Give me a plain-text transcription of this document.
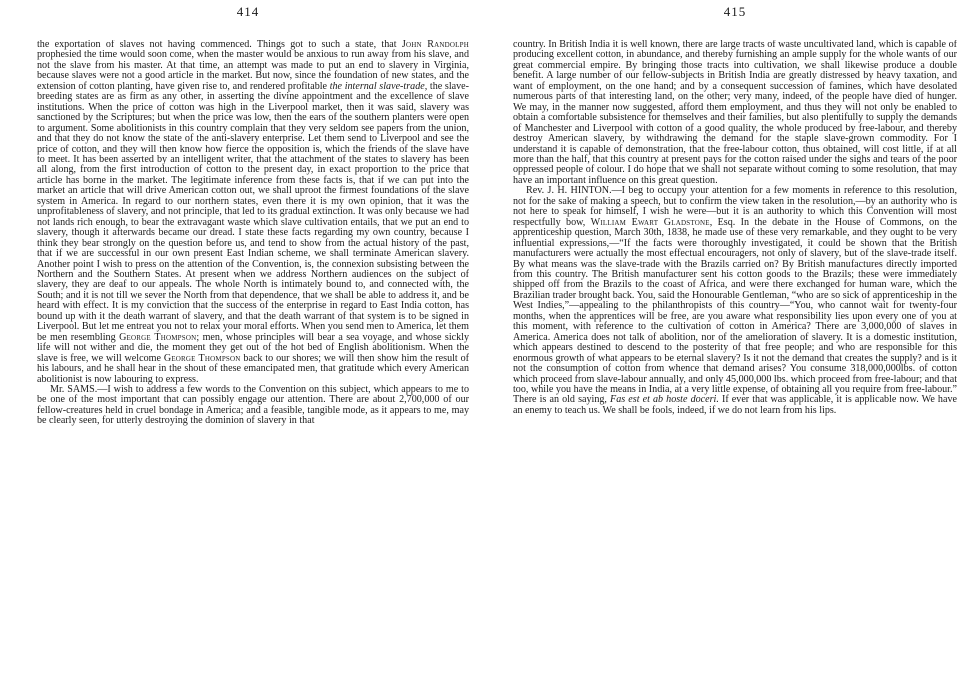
414	415

the exportation of slaves not having commenced. Things got to such a state, that John Randolph prophesied the time would soon come, when the master would be anxious to run away from his slave, and not the slave from his master. At that time, an attempt was made to put an end to slavery in Virginia, because slaves were not a good article in the market. But now, since the foundation of new states, and the extension of cotton planting, have given rise to, and rendered profitable the internal slave-trade, the slave-breeding states are as firm as any other, in asserting the divine appointment and the excellence of slave institutions. When the price of cotton was high in the Liverpool market, then it was said, slavery was sanctioned by the Scriptures; but when the price was low, then the ears of the southern planters were open to argument. Some abolitionists in this country complain that they very seldom see papers from the union, and that they do not know the state of the anti-slavery enterprise. Let them send to Liverpool and see the price of cotton, and they will then know how fierce the opposition is, which the friends of the slave have to meet. It has been asserted by an intelligent writer, that the attachment of the states to slavery has been all along, from the first introduction of cotton to the present day, in exact proportion to the price that article has borne in the market. The legitimate inference from these facts is, that if we can put into the market an article that will drive American cotton out, we shall uproot the firmest foundations of the slave system in America. In regard to our northern states, even there it is my own opinion, that it was the unprofitableness of slavery, and not principle, that led to its gradual extinction. It was only because we had not lands rich enough, to bear the extravagant waste which slave cultivation entails, that we put an end to slavery, though it afterwards became our dread. I state these facts regarding my own country, because I think they bear strongly on the question before us, and tend to show from the actual history of the past, that if we are successful in our own present East Indian scheme, we shall terminate American slavery. Another point I wish to press on the attention of the Convention, is, the connexion subsisting between the Northern and the Southern States. At present when we address Northern audiences on the subject of slavery, they are deaf to our appeals. The whole North is intimately bound to, and connected with, the South; and it is not till we sever the North from that dependence, that we shall be able to address it, and be heard with effect. It is my conviction that the success of the enterprise in regard to East India cotton, has bound up with it the death warrant of slavery, and that the death warrant of that system is to be signed in Liverpool. But let me entreat you not to relax your moral efforts. When you send men to America, let them be men resembling George Thompson; men, whose principles will bear a sea voyage, and whose sickly life will not wither and die, the moment they get out of the hot bed of English abolitionism. When the slave is free, we will welcome George Thompson back to our shores; we will then show him the result of his labours, and he shall hear in the shout of these emancipated men, that gratitude which every American abolitionist is now labouring to express.

Mr. SAMS.—I wish to address a few words to the Convention on this subject, which appears to me to be one of the most important that can possibly engage our attention. There are about 2,700,000 of our fellow-creatures held in cruel bondage in America; and a feasible, tangible mode, as it appears to me, may be clearly seen, for utterly destroying the dominion of slavery in that

country. In British India it is well known, there are large tracts of waste uncultivated land, which is capable of producing excellent cotton, in abundance, and thereby furnishing an ample supply for the whole wants of our great commercial empire. By bringing those tracts into cultivation, we shall likewise produce a double benefit. A large number of our fellow-subjects in British India are greatly distressed by heavy taxation, and want of employment, on the one hand; and by a consequent succession of famines, which have desolated numerous parts of that interesting land, on the other; very many, indeed, of the people have died of hunger. We may, in the manner now suggested, afford them employment, and thus they will not only be enabled to obtain a comfortable subsistence for themselves and their families, but also plentifully to supply the demands of Manchester and Liverpool with cotton of a good quality, the whole produced by free-labour, and thereby destroy American slavery, by withdrawing the demand for the staple slave-grown commodity. For I understand it is capable of demonstration, that the free-labour cotton, thus obtained, will cost little, if at all more than the half, that this country at present pays for the cotton raised under the sighs and tears of the poor oppressed people of colour. I do hope that we shall not separate without coming to some resolution, that may have an important influence on this great question.

Rev. J. H. HINTON.—I beg to occupy your attention for a few moments in reference to this resolution, not for the sake of making a speech, but to confirm the view taken in the resolution,—by an authority who is not here to speak for himself, I wish he were—but it is an authority to which this Convention will most respectfully bow, William Ewart Gladstone, Esq. In the debate in the House of Commons, on the apprenticeship question, March 30th, 1838, he made use of these very remarkable, and they ought to be very influential expressions,—“If the facts were thoroughly investigated, it could be shown that the British manufacturers were actually the most effectual encouragers, not only of slavery, but of the slave-trade itself. By what means was the slave-trade with the Brazils carried on? By British manufactures directly imported from this country. The British manufacturer sent his cotton goods to the Brazils; these were immediately shipped off from the Brazils to the coast of Africa, and were there exchanged for human ware, which the Brazilian trader brought back. You, said the Honourable Gentleman, “who are so sick of apprenticeship in the West Indies,”—appealing to the philanthropists of this country—“You, who cannot wait for twenty-four months, when the apprentices will be free, are you aware what responsibility lies upon every one of you at this moment, with reference to the cultivation of cotton in America? There are 3,000,000 of slaves in America. America does not talk of abolition, nor of the amelioration of slavery. It is a domestic institution, which appears destined to descend to the posterity of that free people; and who are responsible for this enormous growth of what appears to be eternal slavery? Is it not the demand that creates the supply? and is it not the consumption of cotton from whence that demand arises? You consume 318,000,000lbs. of cotton which proceed from slave-labour annually, and only 45,000,000 lbs. which proceed from free-labour; and that too, while you have the means in India, at a very little expense, of obtaining all you require from free-labour.” There is an old saying, Fas est et ab hoste doceri. If ever that was applicable, it is applicable now. We have an enemy to teach us. We shall be fools, indeed, if we do not learn from his lips.
